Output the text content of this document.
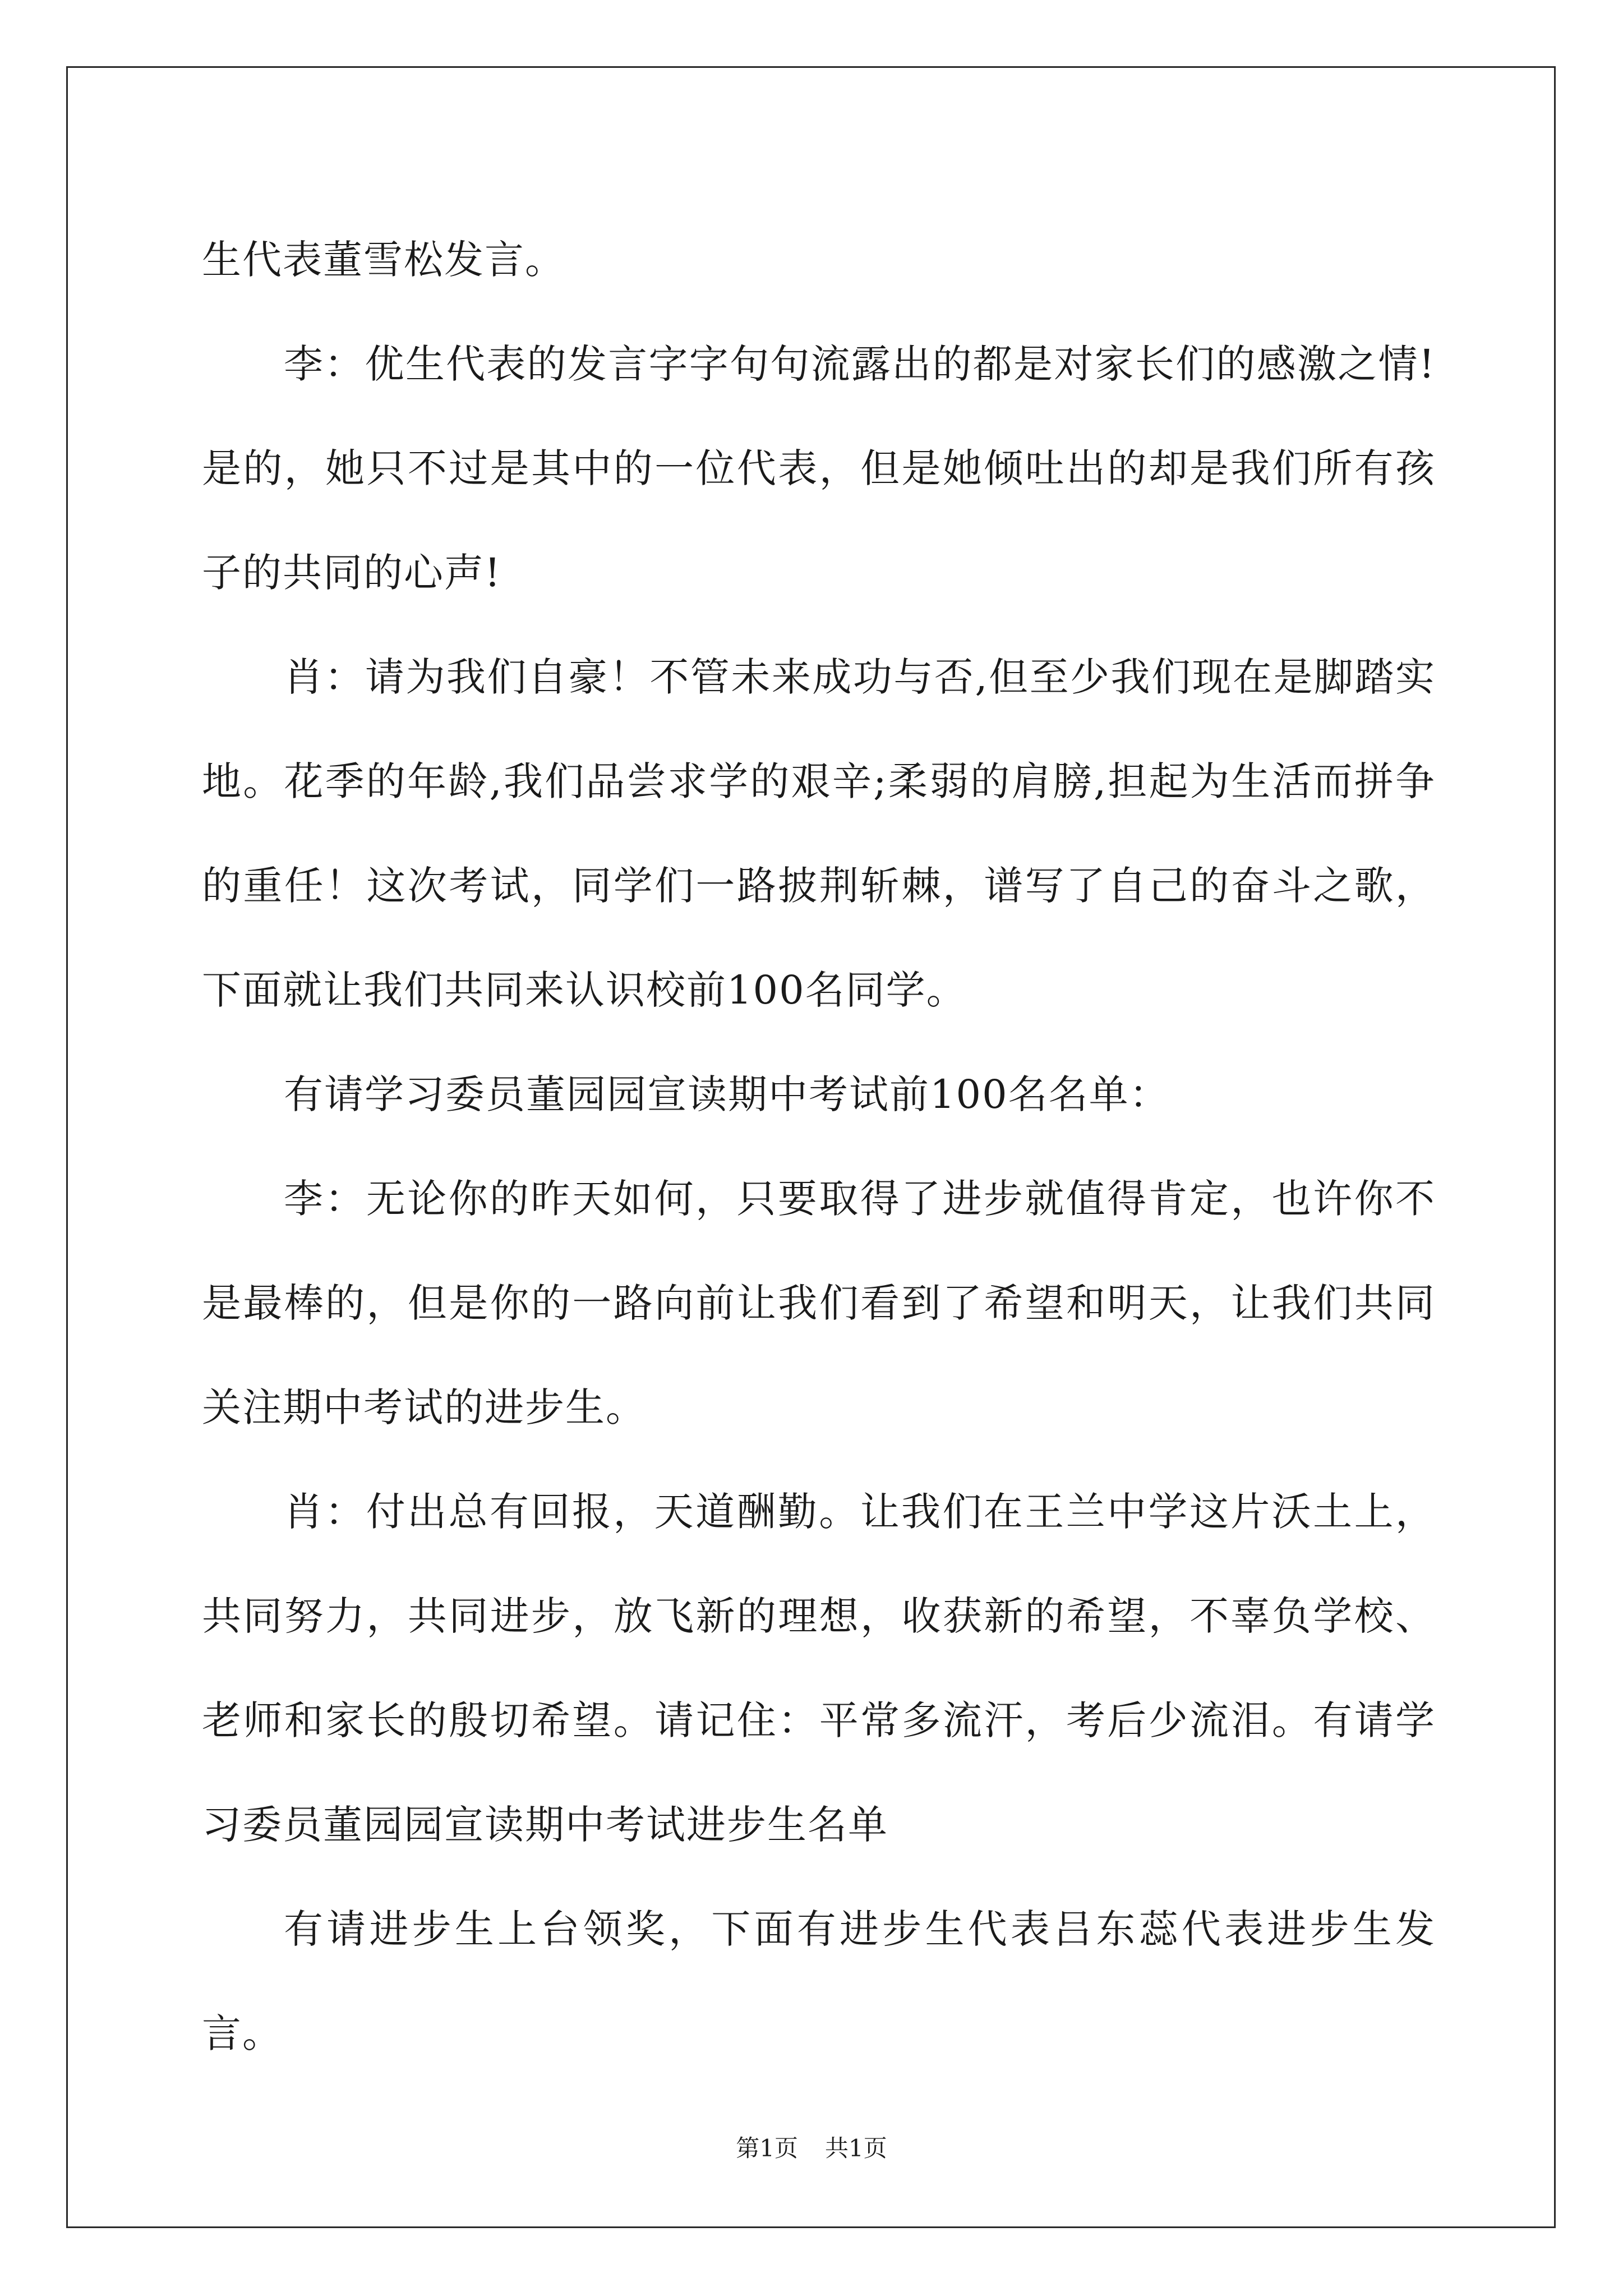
生代表董雪松发言。

李：优生代表的发言字字句句流露出的都是对家长们的感激之情!是的，她只不过是其中的一位代表，但是她倾吐出的却是我们所有孩子的共同的心声!

肖：请为我们自豪！不管未来成功与否,但至少我们现在是脚踏实地。花季的年龄,我们品尝求学的艰辛;柔弱的肩膀,担起为生活而拼争的重任！这次考试，同学们一路披荆斩棘，谱写了自己的奋斗之歌，下面就让我们共同来认识校前100名同学。

有请学习委员董园园宣读期中考试前100名名单：

李：无论你的昨天如何，只要取得了进步就值得肯定，也许你不是最棒的，但是你的一路向前让我们看到了希望和明天，让我们共同关注期中考试的进步生。

肖：付出总有回报，天道酬勤。让我们在王兰中学这片沃土上，共同努力，共同进步，放飞新的理想，收获新的希望，不辜负学校、老师和家长的殷切希望。请记住：平常多流汗，考后少流泪。有请学习委员董园园宣读期中考试进步生名单

有请进步生上台领奖，下面有进步生代表吕东蕊代表进步生发言。

第1页 共1页
